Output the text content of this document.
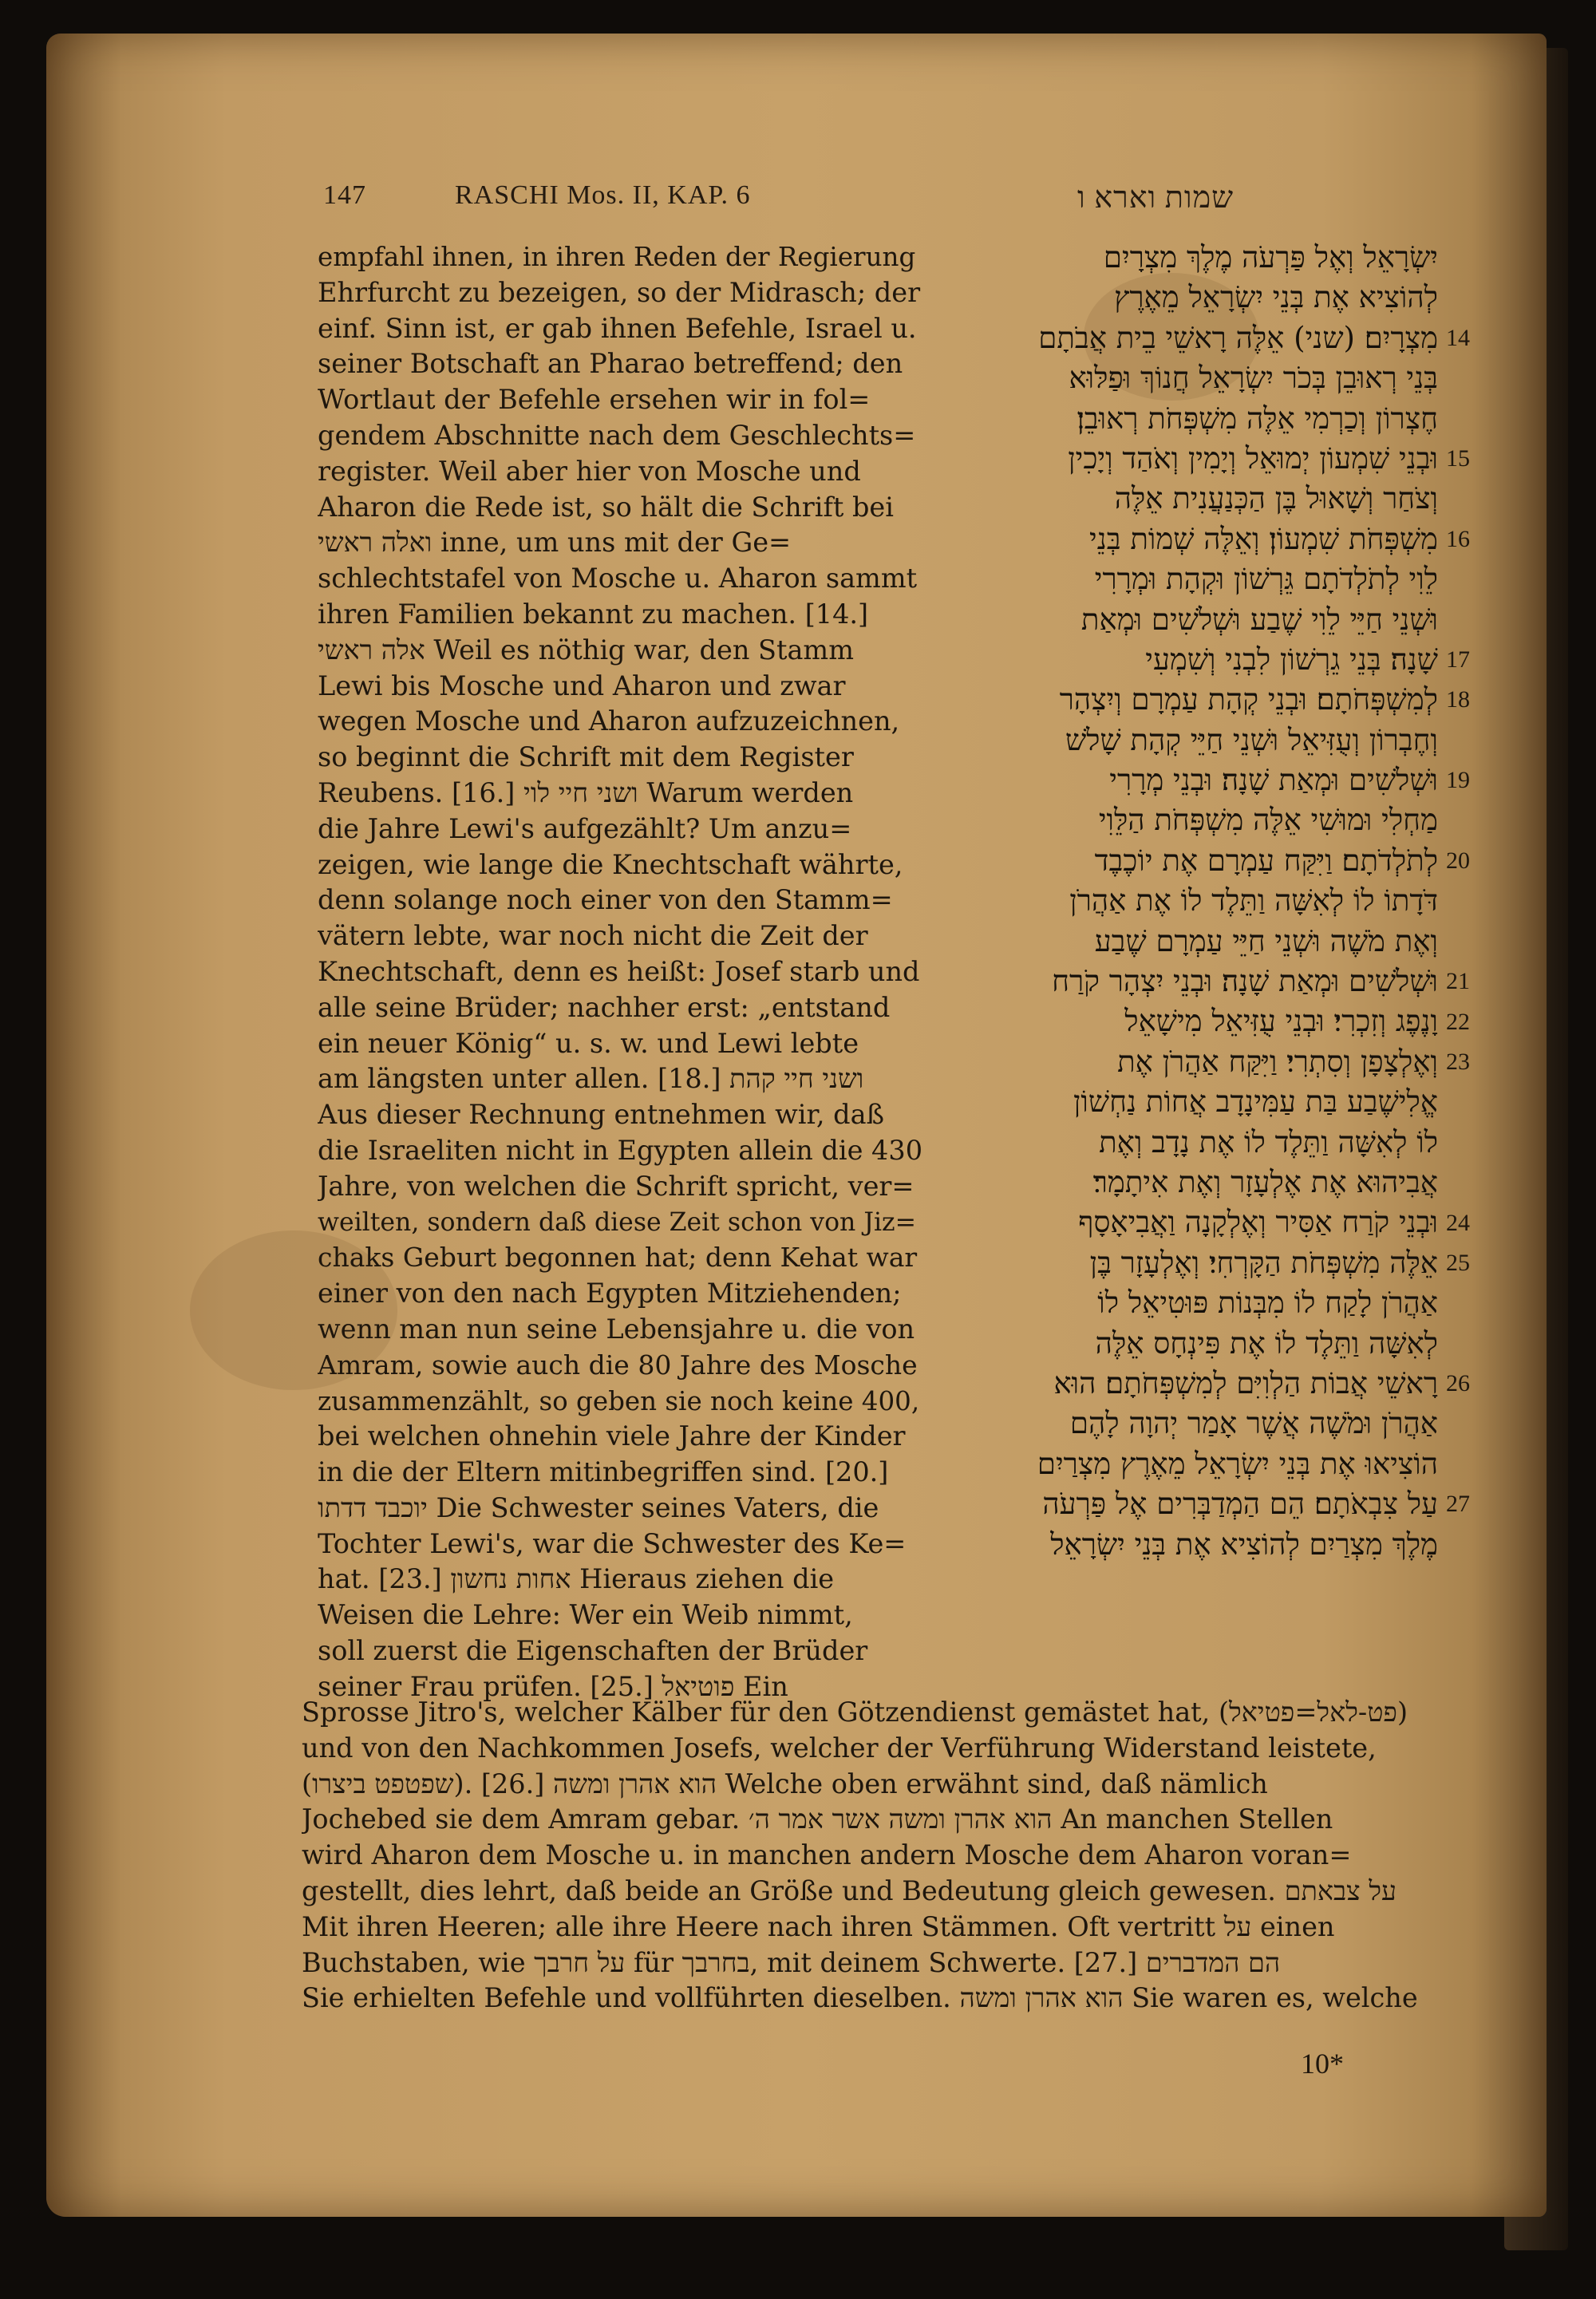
147	RASCHI Mos. II, KAP. 6	שמות וארא ו
empfahl ihnen, in ihren Reden der Regierung
Ehrfurcht zu bezeigen, so der Midrasch; der
einf. Sinn ist, er gab ihnen Befehle, Israel u.
seiner Botschaft an Pharao betreffend; den
Wortlaut der Befehle ersehen wir in fol=
gendem Abschnitte nach dem Geschlechts=
register. Weil aber hier von Mosche und
Aharon die Rede ist, so hält die Schrift bei
ואלה ראשי inne, um uns mit der Ge=
schlechtstafel von Mosche u. Aharon sammt
ihren Familien bekannt zu machen. [14.]
אלה ראשי Weil es nöthig war, den Stamm
Lewi bis Mosche und Aharon und zwar
wegen Mosche und Aharon aufzuzeichnen,
so beginnt die Schrift mit dem Register
Reubens. [16.] ושני חיי לוי Warum werden
die Jahre Lewi's aufgezählt? Um anzu=
zeigen, wie lange die Knechtschaft währte,
denn solange noch einer von den Stamm=
vätern lebte, war noch nicht die Zeit der
Knechtschaft, denn es heißt: Josef starb und
alle seine Brüder; nachher erst: „entstand
ein neuer König“ u. s. w. und Lewi lebte
am längsten unter allen. [18.] ושני חיי קהת
Aus dieser Rechnung entnehmen wir, daß
die Israeliten nicht in Egypten allein die 430
Jahre, von welchen die Schrift spricht, ver=
weilten, sondern daß diese Zeit schon von Jiz=
chaks Geburt begonnen hat; denn Kehat war
einer von den nach Egypten Mitziehenden;
wenn man nun seine Lebensjahre u. die von
Amram, sowie auch die 80 Jahre des Mosche
zusammenzählt, so geben sie noch keine 400,
bei welchen ohnehin viele Jahre der Kinder
in die der Eltern mitinbegriffen sind. [20.]
יוכבד דדתו Die Schwester seines Vaters, die
Tochter Lewi's, war die Schwester des Ke=
hat. [23.] אחות נחשון Hieraus ziehen die
Weisen die Lehre: Wer ein Weib nimmt,
soll zuerst die Eigenschaften der Brüder
seiner Frau prüfen. [25.] פוטיאל Ein
יִשְׂרָאֵל וְאֶל פַּרְעֹה מֶלֶךְ מִצְרָיִם
לְהוֹצִיא אֶת בְּנֵי יִשְׂרָאֵל מֵאֶרֶץ
מִצְרָיִם׃ (שני) אֵלֶּה רָאשֵׁי בֵית אֲבֹתָם
בְּנֵי רְאוּבֵן בְּכֹר יִשְׂרָאֵל חֲנוֹךְ וּפַלּוּא
חֶצְרוֹן וְכַרְמִי אֵלֶּה מִשְׁפְּחֹת רְאוּבֵן׃
וּבְנֵי שִׁמְעוֹן יְמוּאֵל וְיָמִין וְאֹהַד וְיָכִין
וְצֹחַר וְשָׁאוּל בֶּן הַכְּנַעֲנִית אֵלֶּה
מִשְׁפְּחֹת שִׁמְעוֹן׃ וְאֵלֶּה שְׁמוֹת בְּנֵי
לֵוִי לְתֹלְדֹתָם גֵּרְשׁוֹן וּקְהָת וּמְרָרִי
וּשְׁנֵי חַיֵּי לֵוִי שֶׁבַע וּשְׁלֹשִׁים וּמְאַת
שָׁנָה׃ בְּנֵי גֵרְשׁוֹן לִבְנִי וְשִׁמְעִי
לְמִשְׁפְּחֹתָם׃ וּבְנֵי קְהָת עַמְרָם וְיִצְהָר
וְחֶבְרוֹן וְעֻזִּיאֵל וּשְׁנֵי חַיֵּי קְהָת שָׁלֹשׁ
וּשְׁלֹשִׁים וּמְאַת שָׁנָה׃ וּבְנֵי מְרָרִי
מַחְלִי וּמוּשִׁי אֵלֶּה מִשְׁפְּחֹת הַלֵּוִי
לְתֹלְדֹתָם׃ וַיִּקַּח עַמְרָם אֶת יוֹכֶבֶד
דֹּדָתוֹ לוֹ לְאִשָּׁה וַתֵּלֶד לוֹ אֶת אַהֲרֹן
וְאֶת מֹשֶׁה וּשְׁנֵי חַיֵּי עַמְרָם שֶׁבַע
וּשְׁלֹשִׁים וּמְאַת שָׁנָה׃ וּבְנֵי יִצְהָר קֹרַח
וָנֶפֶג וְזִכְרִי׃ וּבְנֵי עֻזִּיאֵל מִישָׁאֵל
וְאֶלְצָפָן וְסִתְרִי׃ וַיִּקַּח אַהֲרֹן אֶת
אֱלִישֶׁבַע בַּת עַמִּינָדָב אֲחוֹת נַחְשׁוֹן
לוֹ לְאִשָּׁה וַתֵּלֶד לוֹ אֶת נָדָב וְאֶת
אֲבִיהוּא אֶת אֶלְעָזָר וְאֶת אִיתָמָר׃
וּבְנֵי קֹרַח אַסִּיר וְאֶלְקָנָה וַאֲבִיאָסָף
אֵלֶּה מִשְׁפְּחֹת הַקָּרְחִי׃ וְאֶלְעָזָר בֶּן
אַהֲרֹן לָקַח לוֹ מִבְּנוֹת פּוּטִיאֵל לוֹ
לְאִשָּׁה וַתֵּלֶד לוֹ אֶת פִּינְחָס אֵלֶּה
רָאשֵׁי אֲבוֹת הַלְוִיִּם לְמִשְׁפְּחֹתָם׃ הוּא
אַהֲרֹן וּמֹשֶׁה אֲשֶׁר אָמַר יְהוָה לָהֶם
הוֹצִיאוּ אֶת בְּנֵי יִשְׂרָאֵל מֵאֶרֶץ מִצְרַיִם
עַל צִבְאֹתָם׃ הֵם הַמְדַבְּרִים אֶל פַּרְעֹה
מֶלֶךְ מִצְרַיִם לְהוֹצִיא אֶת בְּנֵי יִשְׂרָאֵל
14
15
16
17
18
19
20
21
22
23
24
25
26
27
Sprosse Jitro's, welcher Kälber für den Götzendienst gemästet hat, (פט-לאל=פטיאל)
und von den Nachkommen Josefs, welcher der Verführung Widerstand leistete,
(שפטפט ביצרו). [26.] הוא אהרן ומשה Welche oben erwähnt sind, daß nämlich
Jochebed sie dem Amram gebar. הוא אהרן ומשה אשר אמר ה׳ An manchen Stellen
wird Aharon dem Mosche u. in manchen andern Mosche dem Aharon voran=
gestellt, dies lehrt, daß beide an Größe und Bedeutung gleich gewesen. על צבאתם
Mit ihren Heeren; alle ihre Heere nach ihren Stämmen. Oft vertritt על einen
Buchstaben, wie על חרבך für בחרבך, mit deinem Schwerte. [27.] הם המדברים
Sie erhielten Befehle und vollführten dieselben. הוא אהרן ומשה Sie waren es, welche
10*
